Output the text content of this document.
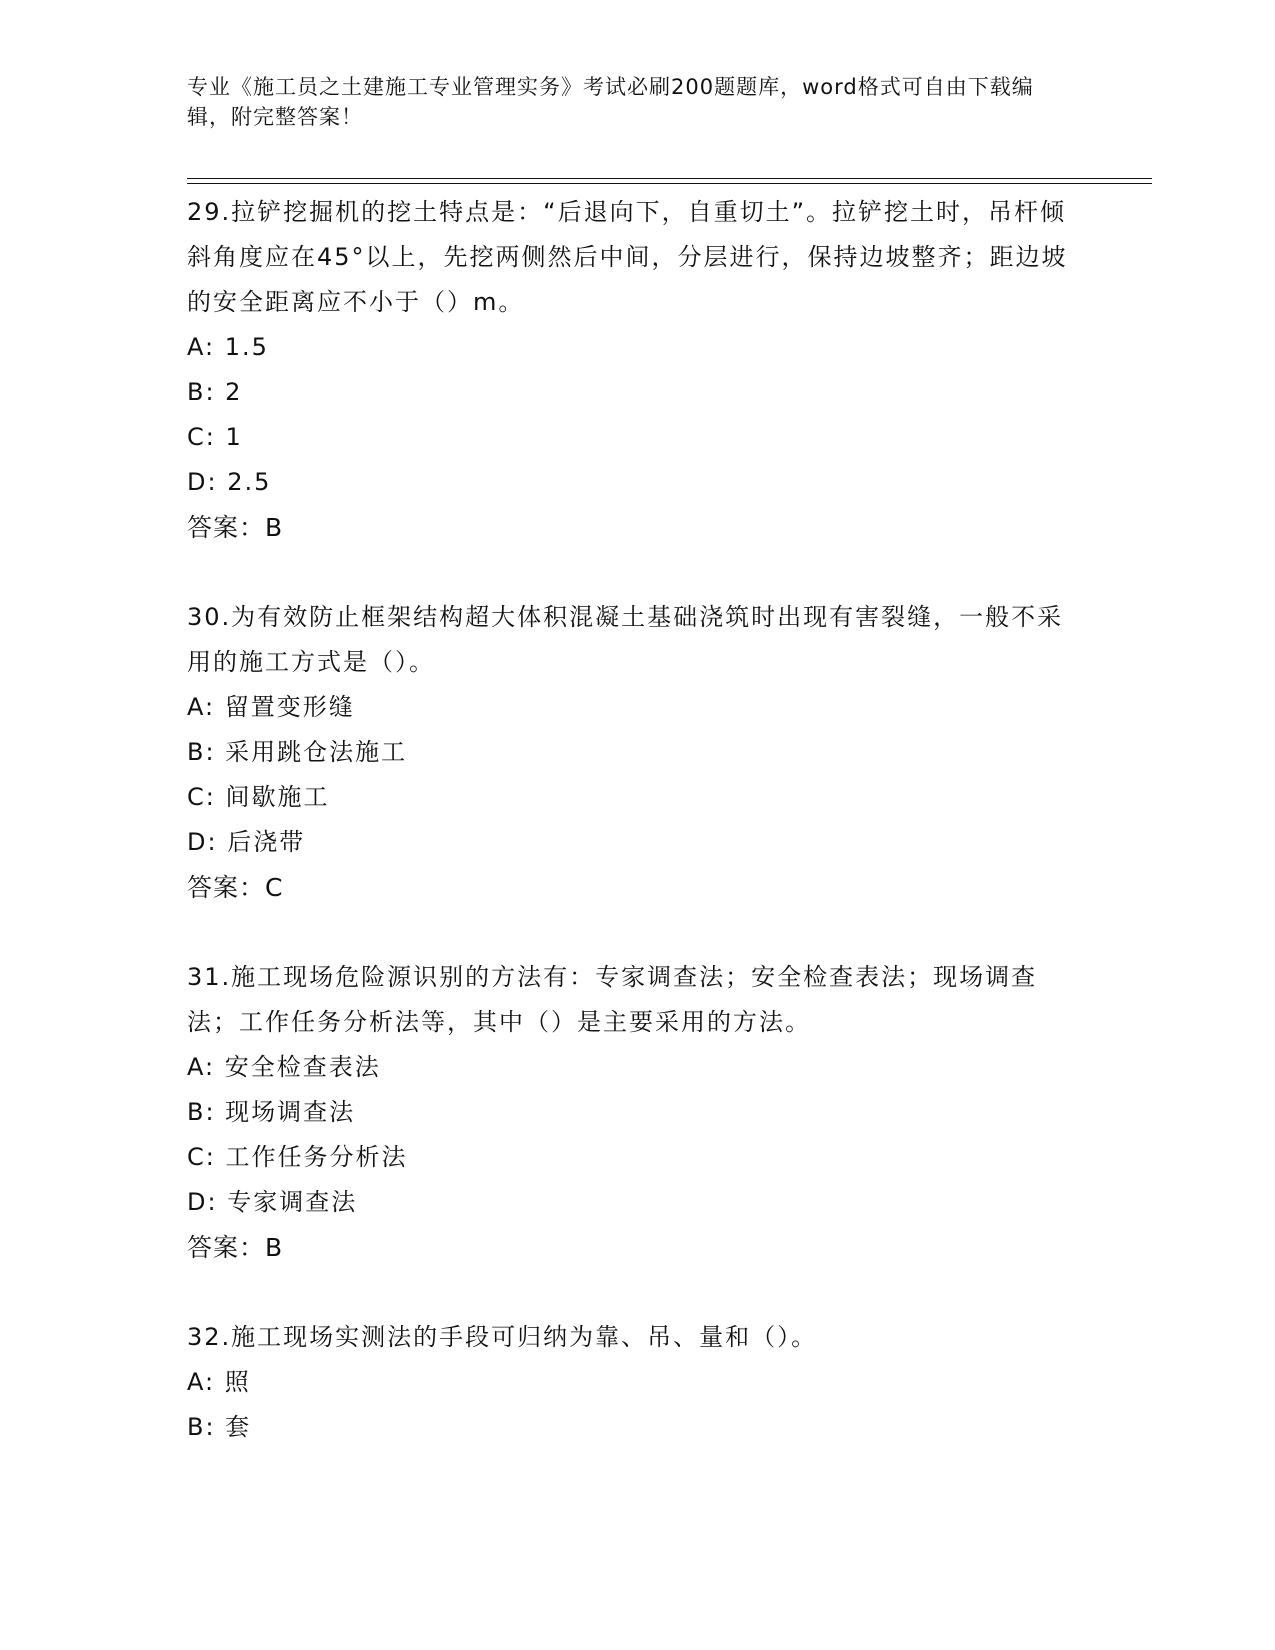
专业《施工员之土建施工专业管理实务》考试必刷200题题库，word格式可自由下载编辑，附完整答案！

29.拉铲挖掘机的挖土特点是：“后退向下，自重切土”。拉铲挖土时，吊杆倾斜角度应在45°以上，先挖两侧然后中间，分层进行，保持边坡整齐；距边坡的安全距离应不小于（）m。

A: 1.5

B: 2

C: 1

D: 2.5

答案：B

30.为有效防止框架结构超大体积混凝土基础浇筑时出现有害裂缝，一般不采用的施工方式是（）。

A: 留置变形缝

B: 采用跳仓法施工

C: 间歇施工

D: 后浇带

答案：C

31.施工现场危险源识别的方法有：专家调查法；安全检查表法；现场调查法；工作任务分析法等，其中（）是主要采用的方法。

A: 安全检查表法

B: 现场调查法

C: 工作任务分析法

D: 专家调查法

答案：B

32.施工现场实测法的手段可归纳为靠、吊、量和（）。

A: 照

B: 套
